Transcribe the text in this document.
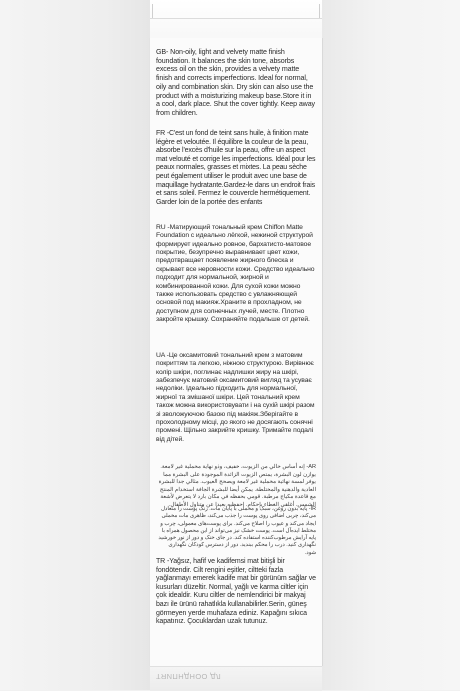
GB- Non-oily, light and velvety matte finish foundation. It balances the skin tone, absorbs excess oil on the skin, provides a velvety matte finish and corrects imperfections. Ideal for normal, oily and combination skin. Dry skin can also use the product with a moisturizing makeup base.Store it in a cool, dark place. Shut the cover tightly. Keep away from children.

FR -C'est un fond de teint sans huile, à finition mate légère et veloutée. Il équilibre la couleur de la peau, absorbe l'excès d'huile sur la peau, offre un aspect mat velouté et corrige les imperfections. Idéal pour les peaux normales, grasses et mixtes. La peau sèche peut également utiliser le produit avec une base de maquillage hydratante.Gardez-le dans un endroit frais et sans soleil. Fermez le couvercle hermétiquement. Garder loin de la portée des enfants

RU -Матирующий тональный крем Chiffon Matte Foundation с идеально лёгкой, нежиной структурой формирует идеально ровное, бархатисто-матовое покрытие, безупречно выравнивает цвет кожи, предотвращает появление жирного блеска и скрывает все неровности кожи. Средство идеально подходит для нормальной, жирной и комбинированной кожи. Для сухой кожи можно также использовать средство с увлажняющей основой под макияж.Храните в прохладном, не доступном для солнечных лучей, месте. Плотно закройте крышку. Сохраняйте подальше от детей.

UA -Це оксамитовий тональний крем з матовим покриттям та легкою, ніжною структурою. Вирівнює колір шкіри, поглинає надлишки жиру на шкірі, забезпечує матовий оксамитовий вигляд та усуває недоліки. Ідеально підходить для нормальної, жирної та змішаної шкіри. Цей тональний крем також можна використовувати і на сухій шкірі разом зі зволожуючою базою під макіяж.Зберігайте в прохолодному місці, до якого не досягають сонячні промені. Щільно закрийте кришку. Тримайте подалі від дітей.

AR- إنه أساس خالي من الزيوت، خفيف، وذو نهاية مخملية غير لامعة. يوازن لون البشرة، يمتص الزيوت الزائدة الموجودة على البشرة مما يوفر لمسة نهائية مخملية غير لامعة ويصحح العيوب. مثالي جدا للبشرة العادية والدهنية والمختلطة. يمكن أيضا للبشرة الجافة استخدام المنتج مع قاعدة مكياج مرطبة. قومي بحفظه في مكان بارد لا يتعرض لأشعة الشمس. أغلقي الغطاء بإحكام. احفظيه بعيدا عن متناول الأطفال.

IR- پایه بدون روغن، سبک و مخملی با پایان مات. رنگ پوست را متعادل می‌کند، چربی اضافی روی پوست را جذب می‌کند، ظاهری مات مخملی ایجاد می‌کند و عیوب را اصلاح می‌کند. برای پوست‌های معمولی، چرب و مختلط ایده‌آل است. پوست خشک نیز می‌تواند از این محصول همراه با پایه آرایش مرطوب‌کننده استفاده کند. در جای خنک و دور از نور خورشید نگهداری کنید. درب را محکم ببندید. دور از دسترس کودکان نگهداری شود.

TR -Yağsız, hafif ve kadifemsi mat bitişli bir fondötendir. Cilt rengini eşitler, ciltteki fazla yağlanmayı emerek kadife mat bir görünüm sağlar ve kusurları düzeltir. Normal, yağlı ve karma ciltler için çok idealdir. Kuru ciltler de nemlendirici bir makyaj bazı ile ürünü rahatlıkla kullanabilirler.Serin, güneş görmeyen yerde muhafaza ediniz. Kapağını sıkıca kapatınız. Çocuklardan uzak tutunuz.

ТЯИПНДНОО ДЛ
